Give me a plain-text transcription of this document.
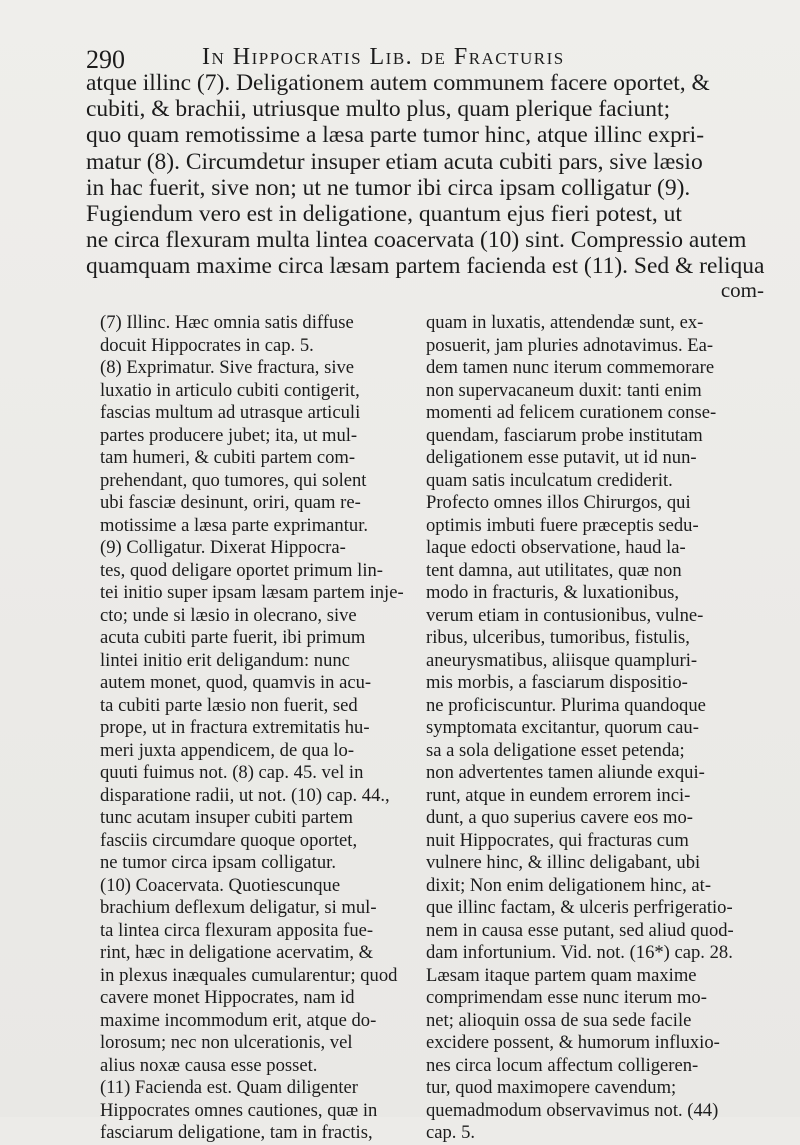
290	In Hippocratis Lib. de Fracturis
atque illinc (7). Deligationem autem communem facere oportet, &
cubiti, & brachii, utriusque multo plus, quam plerique faciunt;
quo quam remotissime a læsa parte tumor hinc, atque illinc expri-
matur (8). Circumdetur insuper etiam acuta cubiti pars, sive læsio
in hac fuerit, sive non; ut ne tumor ibi circa ipsam colligatur (9).
Fugiendum vero est in deligatione, quantum ejus fieri potest, ut
ne circa flexuram multa lintea coacervata (10) sint. Compressio autem
quamquam maxime circa læsam partem facienda est (11). Sed & reliqua
com-
(7) Illinc. Hæc omnia satis diffuse
docuit Hippocrates in cap. 5.
(8) Exprimatur. Sive fractura, sive
luxatio in articulo cubiti contigerit,
fascias multum ad utrasque articuli
partes producere jubet; ita, ut mul-
tam humeri, & cubiti partem com-
prehendant, quo tumores, qui solent
ubi fasciæ desinunt, oriri, quam re-
motissime a læsa parte exprimantur.
(9) Colligatur. Dixerat Hippocra-
tes, quod deligare oportet primum lin-
tei initio super ipsam læsam partem inje-
cto; unde si læsio in olecrano, sive
acuta cubiti parte fuerit, ibi primum
lintei initio erit deligandum: nunc
autem monet, quod, quamvis in acu-
ta cubiti parte læsio non fuerit, sed
prope, ut in fractura extremitatis hu-
meri juxta appendicem, de qua lo-
quuti fuimus not. (8) cap. 45. vel in
disparatione radii, ut not. (10) cap. 44.,
tunc acutam insuper cubiti partem
fasciis circumdare quoque oportet,
ne tumor circa ipsam colligatur.
(10) Coacervata. Quotiescunque
brachium deflexum deligatur, si mul-
ta lintea circa flexuram apposita fue-
rint, hæc in deligatione acervatim, &
in plexus inæquales cumularentur; quod
cavere monet Hippocrates, nam id
maxime incommodum erit, atque do-
lorosum; nec non ulcerationis, vel
alius noxæ causa esse posset.
(11) Facienda est. Quam diligenter
Hippocrates omnes cautiones, quæ in
fasciarum deligatione, tam in fractis,
quam in luxatis, attendendæ sunt, ex-
posuerit, jam pluries adnotavimus. Ea-
dem tamen nunc iterum commemorare
non supervacaneum duxit: tanti enim
momenti ad felicem curationem conse-
quendam, fasciarum probe institutam
deligationem esse putavit, ut id nun-
quam satis inculcatum crediderit.
Profecto omnes illos Chirurgos, qui
optimis imbuti fuere præceptis sedu-
laque edocti observatione, haud la-
tent damna, aut utilitates, quæ non
modo in fracturis, & luxationibus,
verum etiam in contusionibus, vulne-
ribus, ulceribus, tumoribus, fistulis,
aneurysmatibus, aliisque quampluri-
mis morbis, a fasciarum dispositio-
ne proficiscuntur. Plurima quandoque
symptomata excitantur, quorum cau-
sa a sola deligatione esset petenda;
non advertentes tamen aliunde exqui-
runt, atque in eundem errorem inci-
dunt, a quo superius cavere eos mo-
nuit Hippocrates, qui fracturas cum
vulnere hinc, & illinc deligabant, ubi
dixit; Non enim deligationem hinc, at-
que illinc factam, & ulceris perfrigeratio-
nem in causa esse putant, sed aliud quod-
dam infortunium. Vid. not. (16*) cap. 28.
Læsam itaque partem quam maxime
comprimendam esse nunc iterum mo-
net; alioquin ossa de sua sede facile
excidere possent, & humorum influxio-
nes circa locum affectum colligeren-
tur, quod maximopere cavendum;
quemadmodum observavimus not. (44)
cap. 5.
